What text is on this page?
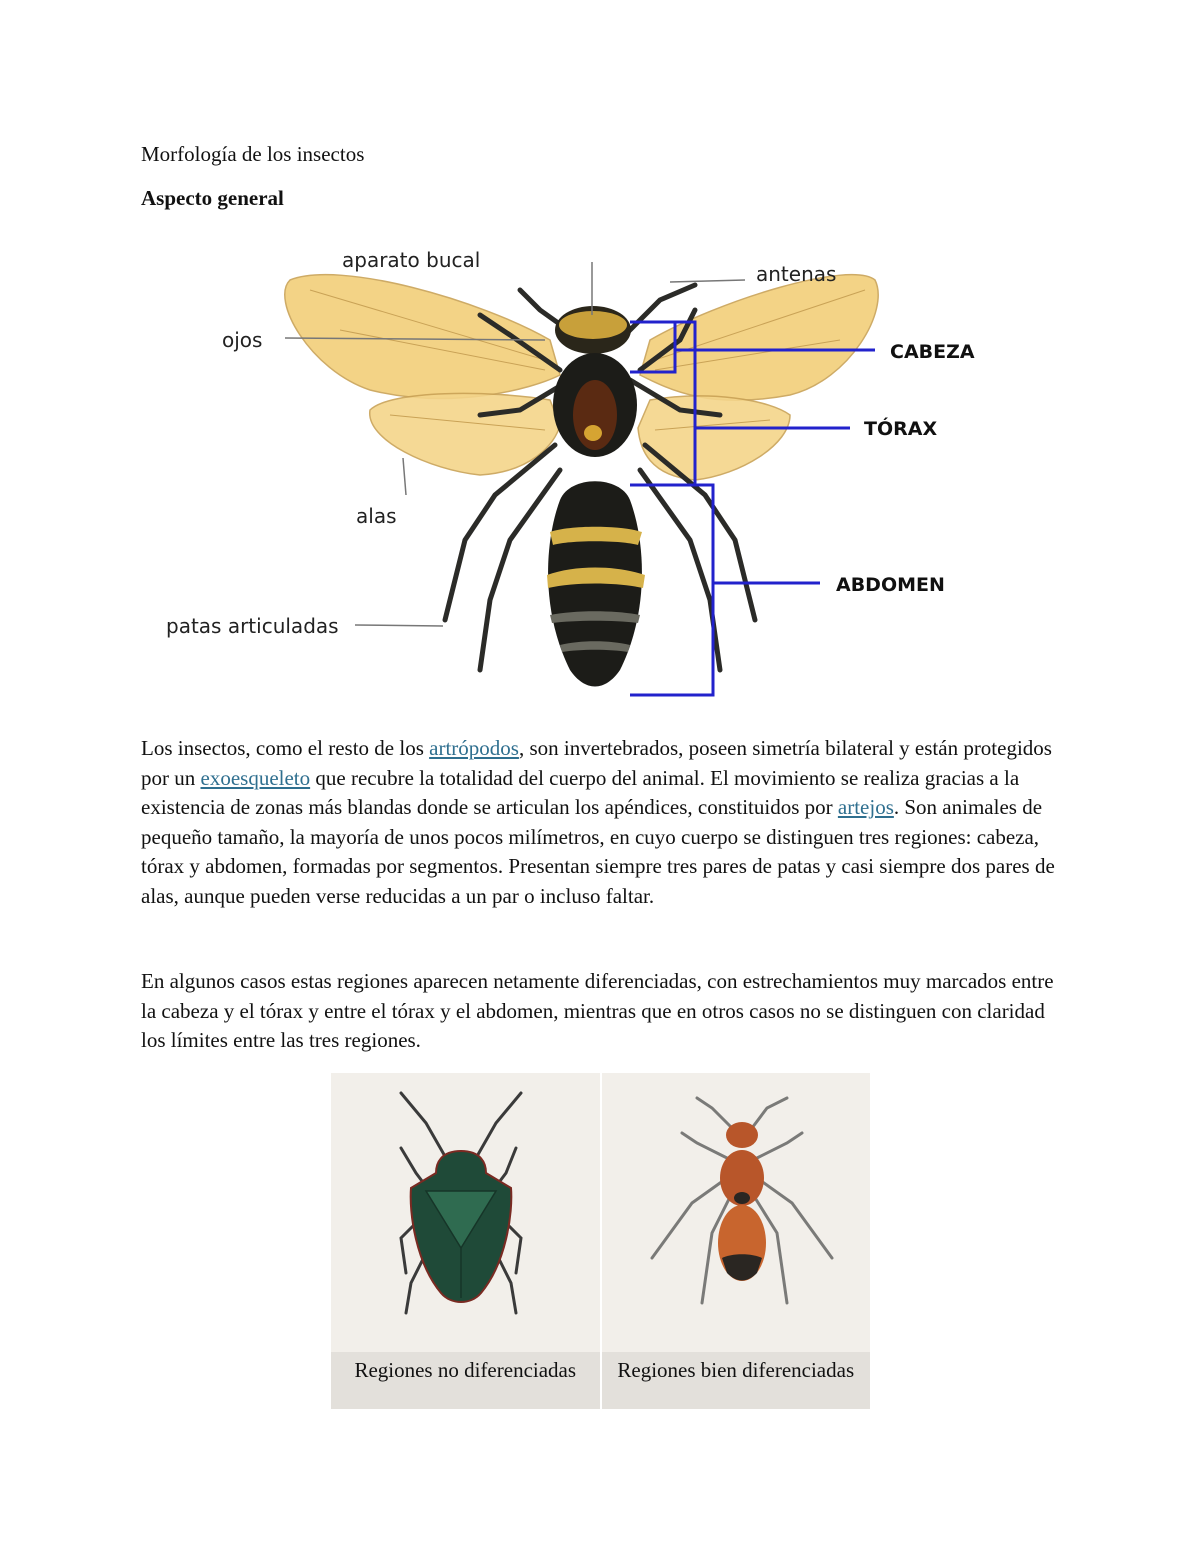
Morfología de los insectos
Aspecto general
aparato bucal
antenas
ojos
alas
patas articuladas
CABEZA
TÓRAX
ABDOMEN

Los insectos, como el resto de los artrópodos, son invertebrados, poseen simetría bilateral y están protegidos por un exoesqueleto que recubre la totalidad del cuerpo del animal. El movimiento se realiza gracias a la existencia de zonas más blandas donde se articulan los apéndices, constituidos por artejos. Son animales de pequeño tamaño, la mayoría de unos pocos milímetros, en cuyo cuerpo se distinguen tres regiones: cabeza, tórax y abdomen, formadas por segmentos. Presentan siempre tres pares de patas y casi siempre dos pares de alas, aunque pueden verse reducidas a un par o incluso faltar.

En algunos casos estas regiones aparecen netamente diferenciadas, con estrechamientos muy marcados entre la cabeza y el tórax y entre el tórax y el abdomen, mientras que en otros casos no se distinguen con claridad los límites entre las tres regiones.

Regiones no diferenciadas	Regiones bien diferenciadas
